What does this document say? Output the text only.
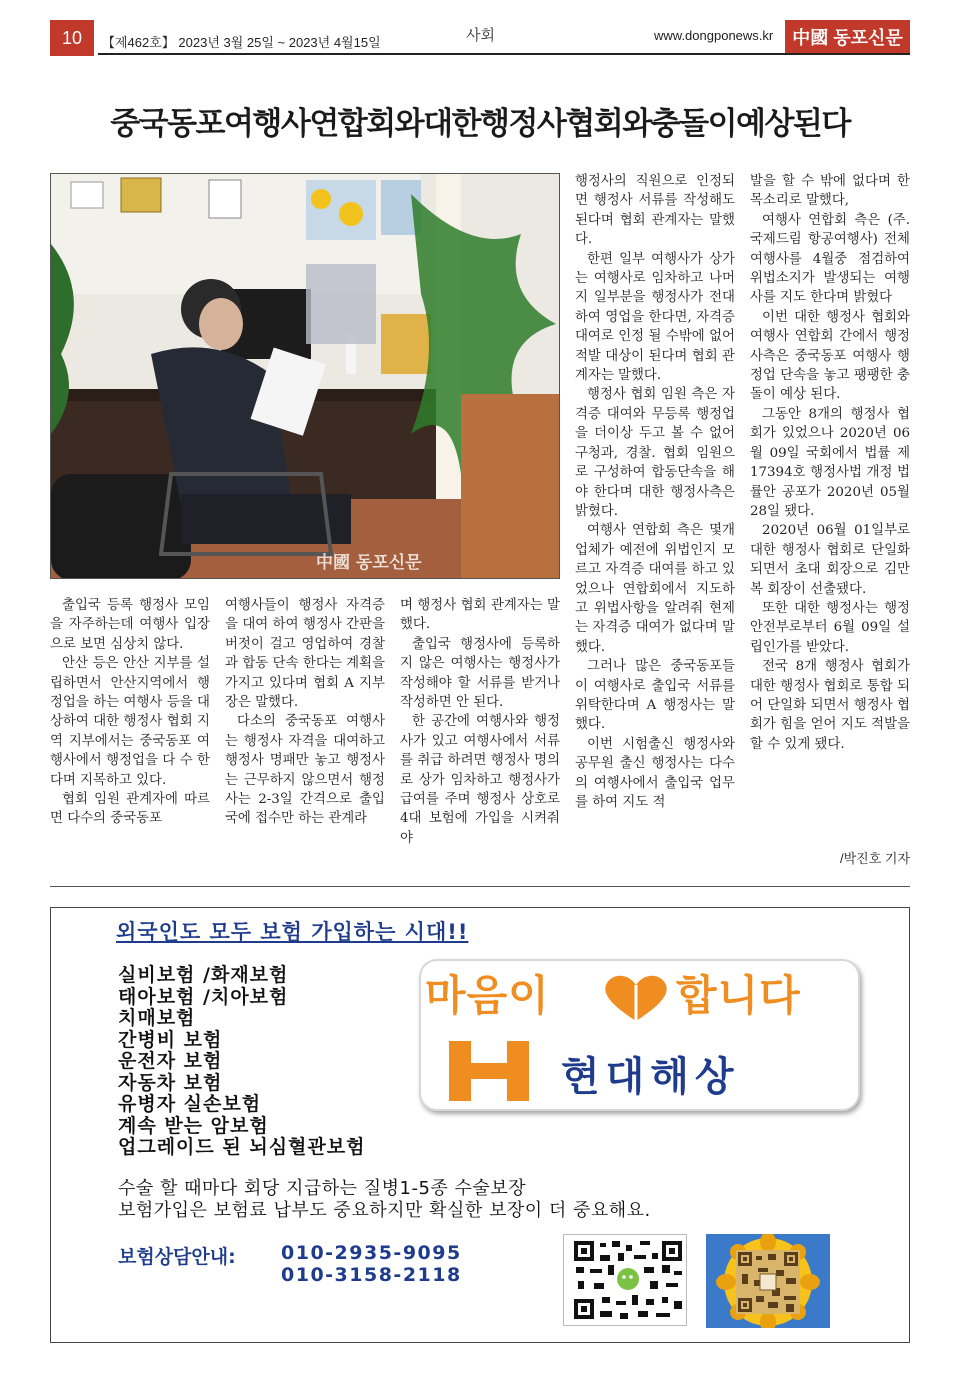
10	【제462호】 2023년 3월 25일 ~ 2023년 4월15일	사회	www.dongponews.kr	中國 동포신문
중국동포여행사연합회와대한행정사협회와충돌이예상된다
中國 동포신문

출입국 등록 행정사 모임을 자주하는데 여행사 입장으로 보면 심상치 않다.

안산 등은 안산 지부를 설립하면서 안산지역에서 행정업을 하는 여행사 등을 대상하여 대한 행정사 협회 지역 지부에서는 중국동포 여행사에서 행정업을 다 수 한다며 지목하고 있다.

협회 임원 관계자에 따르면 다수의 중국동포

여행사들이 행정사 자격증을 대여 하여 행정사 간판을 버젓이 걸고 영업하여 경찰과 합동 단속 한다는 계획을 가지고 있다며 협회 A 지부장은 말했다.

다소의 중국동포 여행사는 행정사 자격을 대여하고 행정사 명패만 놓고 행정사는 근무하지 않으면서 행정사는 2-3일 간격으로 출입국에 접수만 하는 관계라

며 행정사 협회 관계자는 말했다.

출입국 행정사에 등록하지 않은 여행사는 행정사가 작성해야 할 서류를 받거나 작성하면 안 된다.

한 공간에 여행사와 행정사가 있고 여행사에서 서류를 취급 하려면 행정사 명의로 상가 임차하고 행정사가 급여를 주며 행정사 상호로 4대 보험에 가입을 시켜줘야

행정사의 직원으로 인정되면 행정사 서류를 작성해도 된다며 협회 관계자는 말했다.

한편 일부 여행사가 상가는 여행사로 임차하고 나머지 일부분을 행정사가 전대하여 영업을 한다면, 자격증 대여로 인정 될 수밖에 없어 적발 대상이 된다며 협회 관계자는 말했다.

행정사 협회 임원 측은 자격증 대여와 무등록 행정업을 더이상 두고 볼 수 없어 구청과, 경찰. 협회 임원으로 구성하여 합동단속을 해야 한다며 대한 행정사측은 밝혔다.

여행사 연합회 측은 몇개 업체가 예전에 위법인지 모르고 자격증 대여를 하고 있었으나 연합회에서 지도하고 위법사항을 알려줘 현제는 자격증 대여가 없다며 말했다.

그러나 많은 중국동포들이 여행사로 출입국 서류를 위탁한다며 A 행정사는 말했다.

이번 시험출신 행정사와 공무원 출신 행정사는 다수의 여행사에서 출입국 업무를 하여 지도 적

발을 할 수 밖에 없다며 한목소리로 말했다,

여행사 연합회 측은 (주.국제드림 항공여행사) 전체 여행사를 4월중 점검하여 위법소지가 발생되는 여행사를 지도 한다며 밝혔다

이번 대한 행정사 협회와 여행사 연합회 간에서 행정사측은 중국동포 여행사 행정업 단속을 놓고 팽팽한 충돌이 예상 된다.

그동안 8개의 행정사 협회가 있었으나 2020년 06월 09일 국회에서 법률 제 17394호 행정사법 개정 법률안 공포가 2020년 05월 28일 됐다.

2020년 06월 01일부로 대한 행정사 협회로 단일화 되면서 초대 회장으로 김만복 회장이 선출됐다.

또한 대한 행정사는 행정 안전부로부터 6월 09일 설립인가를 받았다.

전국 8개 행정사 협회가 대한 행정사 협회로 통합 되어 단일화 되면서 행정사 협회가 힘을 얻어 지도 적발을 할 수 있게 됐다.

/박진호 기자
외국인도 모두 보험 가입하는 시대!!
실비보험 /화재보험
태아보험 /치아보험
치매보험
간병비 보험
운전자 보험
자동차 보험
유병자 실손보험
계속 받는 암보험
업그레이드 된 뇌심혈관보험
마음이	합니다
현대해상
수술 할 때마다 회당 지급하는 질병1-5종 수술보장
보험가입은 보험료 납부도 중요하지만 확실한 보장이 더 중요해요.
보험상담안내: 010-2935-9095
010-3158-2118
